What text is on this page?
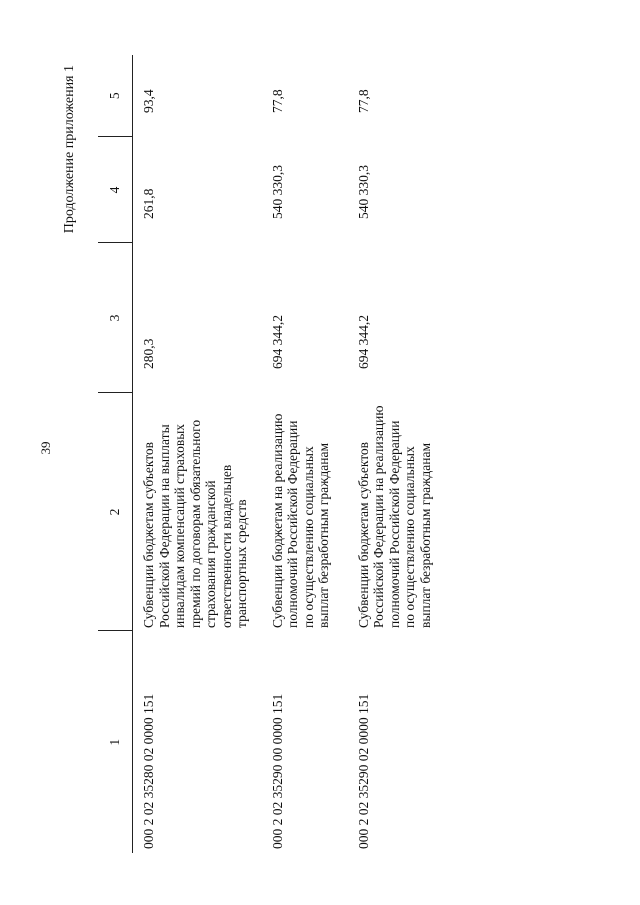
39
Продолжение приложения 1
1	2	3	4	5
000 2 02 35280 02 0000 151	Субвенции бюджетам субъектов Российской Федерации на выплаты инвалидам компенсаций страховых премий по договорам обязательного страхования гражданской ответственности владельцев транспортных средств	280,3	261,8	93,4
000 2 02 35290 00 0000 151	Субвенции бюджетам на реализацию полномочий Российской Федерации по осуществлению социальных выплат безработным гражданам	694 344,2	540 330,3	77,8
000 2 02 35290 02 0000 151	Субвенции бюджетам субъектов Российской Федерации на реализацию полномочий Российской Федерации по осуществлению социальных выплат безработным гражданам	694 344,2	540 330,3	77,8
